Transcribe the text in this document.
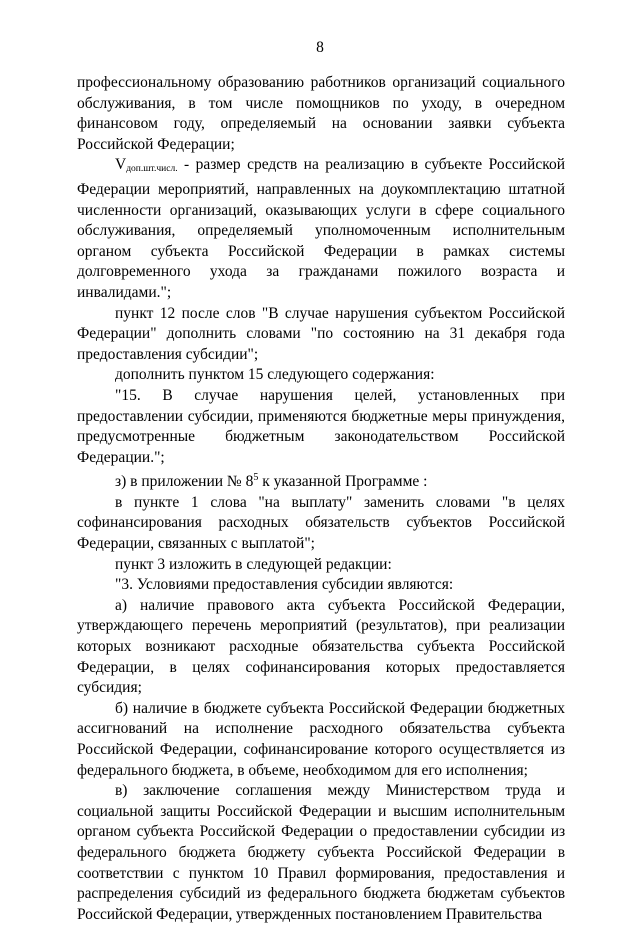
8

профессиональному образованию работников организаций социального обслуживания, в том числе помощников по уходу, в очередном финансовом году, определяемый на основании заявки субъекта Российской Федерации;

$V_{доп.шт.числ.}$ - размер средств на реализацию в субъекте Российской Федерации мероприятий, направленных на доукомплектацию штатной численности организаций, оказывающих услуги в сфере социального обслуживания, определяемый уполномоченным исполнительным органом субъекта Российской Федерации в рамках системы долговременного ухода за гражданами пожилого возраста и инвалидами.";

пункт 12 после слов "В случае нарушения субъектом Российской Федерации" дополнить словами "по состоянию на 31 декабря года предоставления субсидии";

дополнить пунктом 15 следующего содержания:

"15. В случае нарушения целей, установленных при предоставлении субсидии, применяются бюджетные меры принуждения, предусмотренные бюджетным законодательством Российской Федерации.";

з) в приложении № $8^5$ к указанной Программе :

в пункте 1 слова "на выплату" заменить словами "в целях софинансирования расходных обязательств субъектов Российской Федерации, связанных с выплатой";

пункт 3 изложить в следующей редакции:

"3. Условиями предоставления субсидии являются:

а) наличие правового акта субъекта Российской Федерации, утверждающего перечень мероприятий (результатов), при реализации которых возникают расходные обязательства субъекта Российской Федерации, в целях софинансирования которых предоставляется субсидия;

б) наличие в бюджете субъекта Российской Федерации бюджетных ассигнований на исполнение расходного обязательства субъекта Российской Федерации, софинансирование которого осуществляется из федерального бюджета, в объеме, необходимом для его исполнения;

в) заключение соглашения между Министерством труда и социальной защиты Российской Федерации и высшим исполнительным органом субъекта Российской Федерации о предоставлении субсидии из федерального бюджета бюджету субъекта Российской Федерации в соответствии с пунктом 10 Правил формирования, предоставления и распределения субсидий из федерального бюджета бюджетам субъектов Российской Федерации, утвержденных постановлением Правительства
